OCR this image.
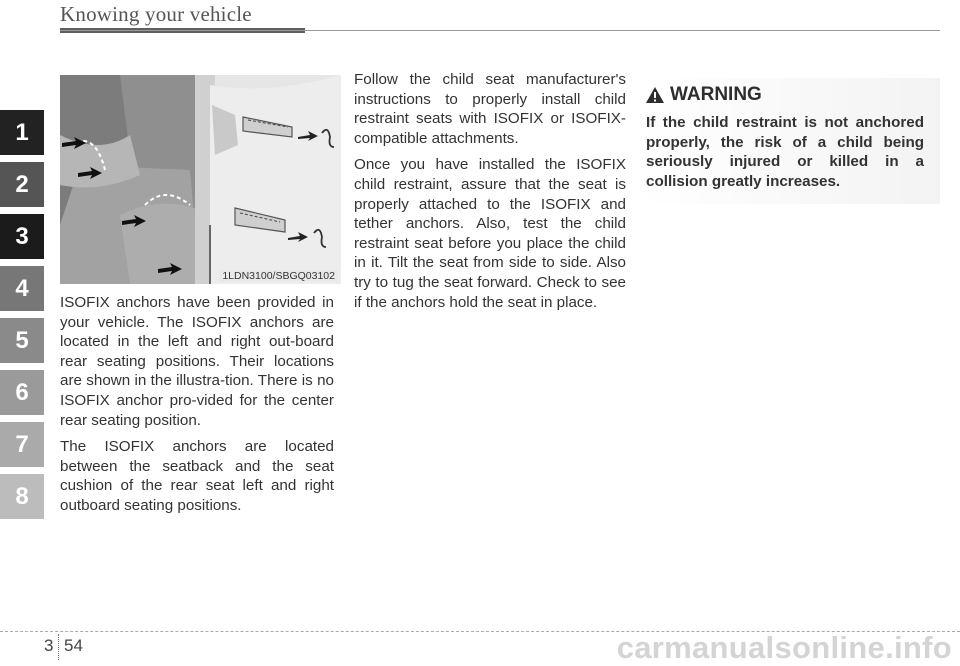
Knowing your vehicle
1
2
3
4
5
6
7
8
1LDN3100/SBGQ03102

ISOFIX anchors have been provided in your vehicle. The ISOFIX anchors are located in the left and right out-board rear seating positions. Their locations are shown in the illustra-tion. There is no ISOFIX anchor pro-vided for the center rear seating position.

The ISOFIX anchors are located between the seatback and the seat cushion of the rear seat left and right outboard seating positions.

Follow the child seat manufacturer's instructions to properly install child restraint seats with ISOFIX or ISOFIX-compatible attachments.

Once you have installed the ISOFIX child restraint, assure that the seat is properly attached to the ISOFIX and tether anchors. Also, test the child restraint seat before you place the child in it. Tilt the seat from side to side. Also try to tug the seat forward. Check to see if the anchors hold the seat in place.

WARNING
If the child restraint is not anchored properly, the risk of a child being seriously injured or killed in a collision greatly increases.
3 54	carmanualsonline.info
